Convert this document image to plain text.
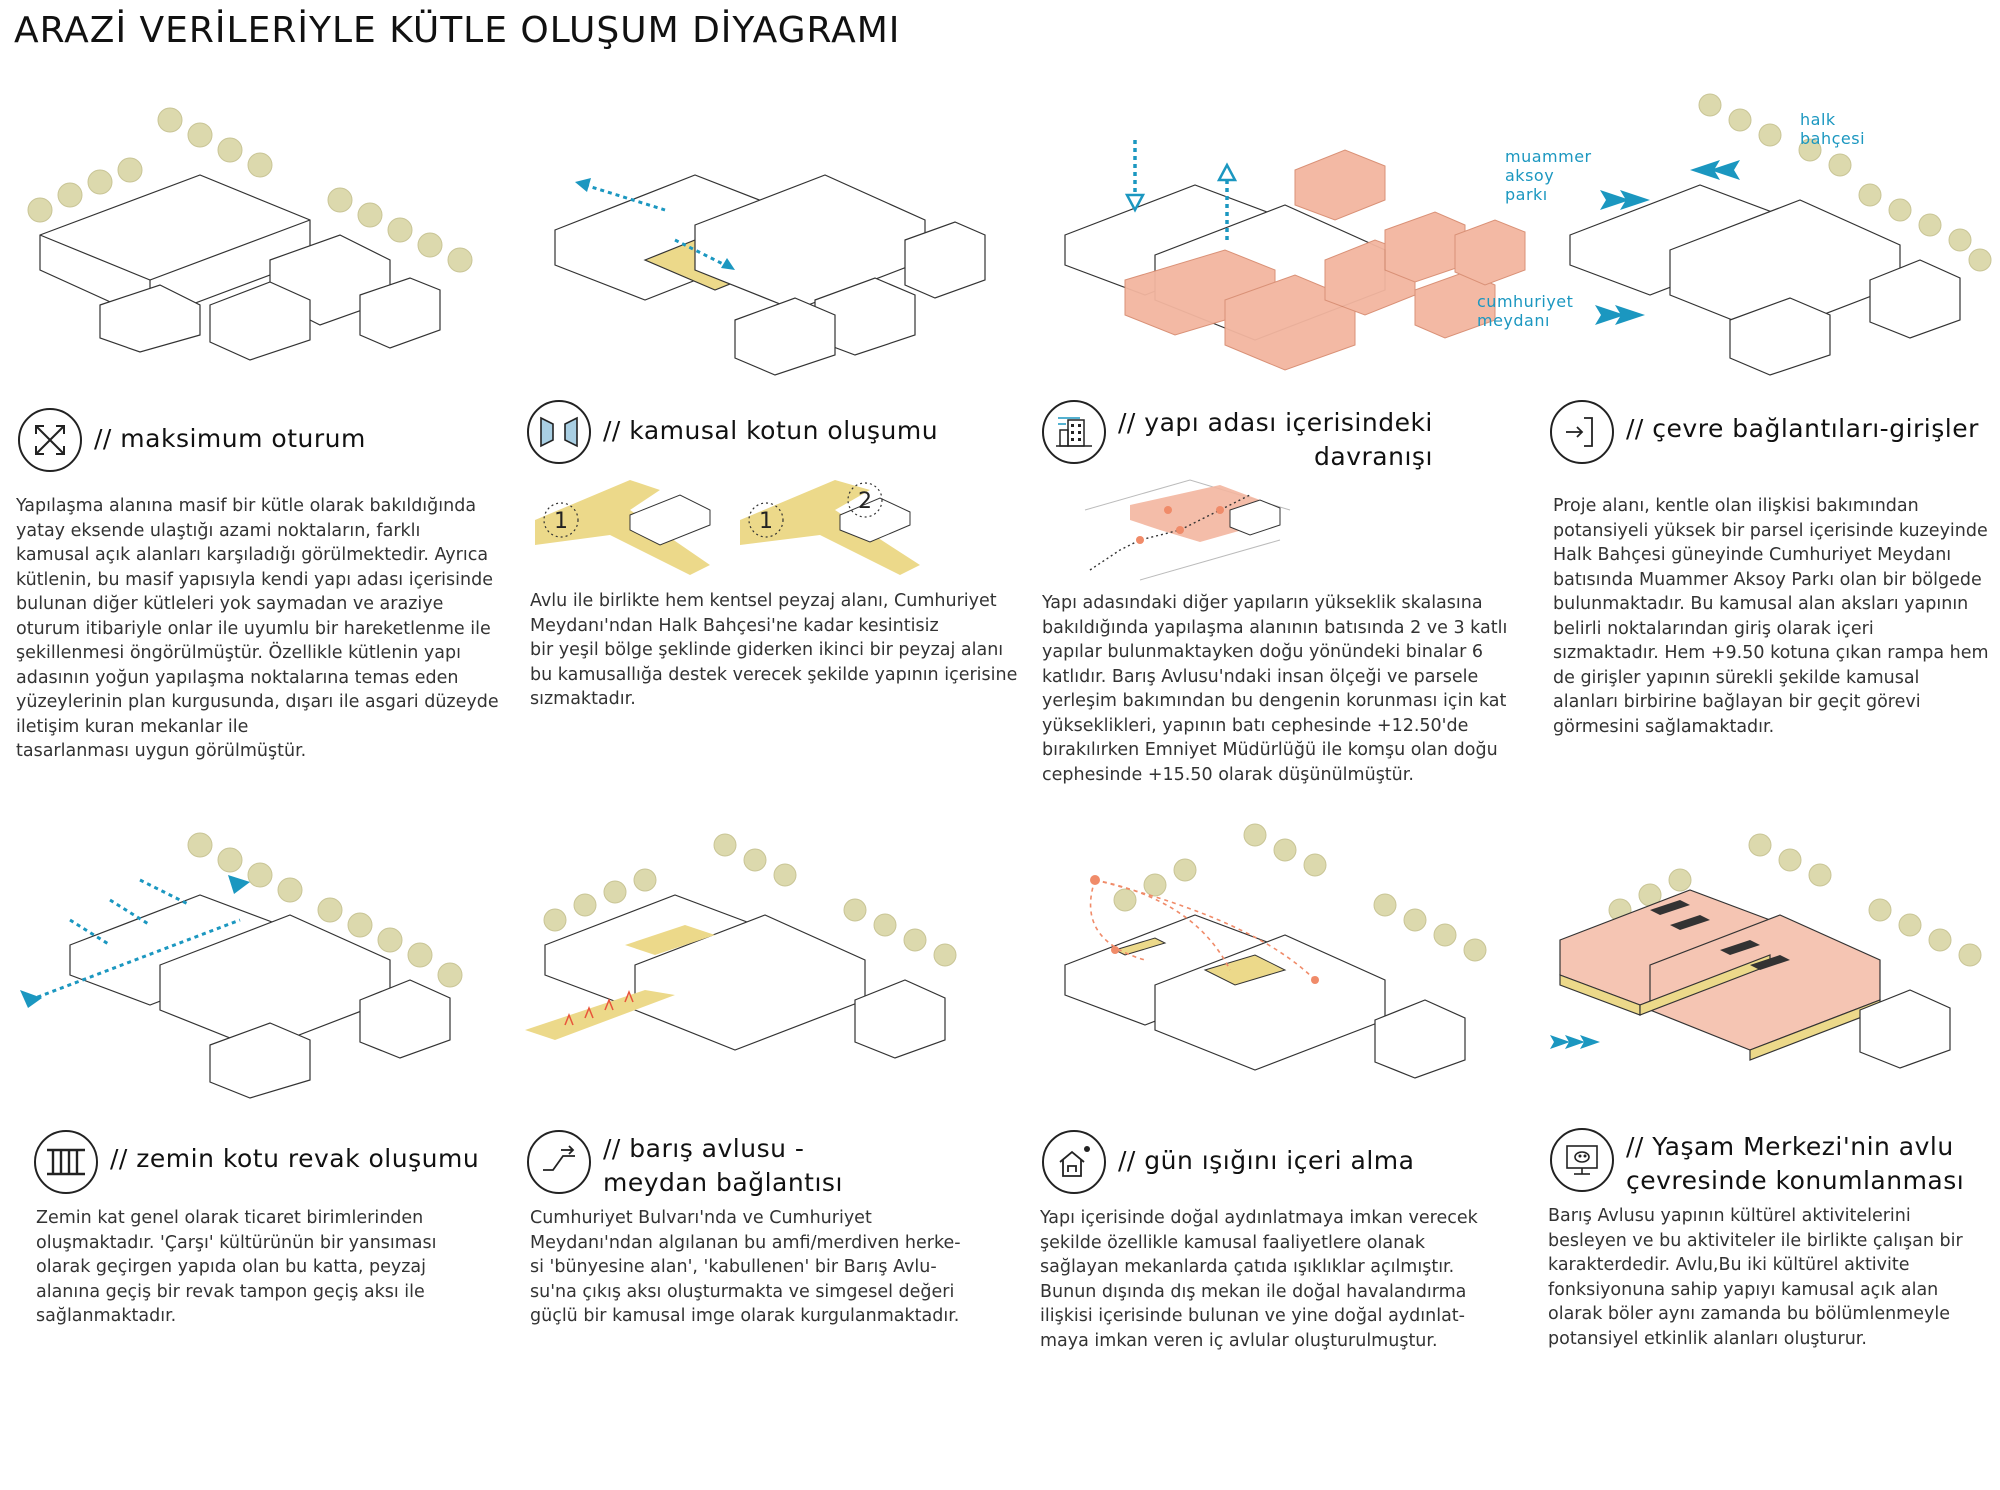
ARAZİ VERİLERİYLE KÜTLE OLUŞUM DİYAGRAMI
// maksimum oturum
Yapılaşma alanına masif bir kütle olarak bakıldığında
yatay eksende ulaştığı azami noktaların, farklı
kamusal açık alanları karşıladığı görülmektedir. Ayrıca
kütlenin, bu masif yapısıyla kendi yapı adası içerisinde
bulunan diğer kütleleri yok saymadan ve araziye
oturum itibariyle onlar ile uyumlu bir hareketlenme ile
şekillenmesi öngörülmüştür. Özellikle kütlenin yapı
adasının yoğun yapılaşma noktalarına temas eden
yüzeylerinin plan kurgusunda, dışarı ile asgari düzeyde
iletişim kuran mekanlar ile
tasarlanması uygun görülmüştür.
// kamusal kotun oluşumu
1	1
2
Avlu ile birlikte hem kentsel peyzaj alanı, Cumhuriyet
Meydanı'ndan Halk Bahçesi'ne kadar kesintisiz
bir yeşil bölge şeklinde giderken ikinci bir peyzaj alanı
bu kamusallığa destek verecek şekilde yapının içerisine
sızmaktadır.
// yapı adası içerisindeki
davranışı
Yapı adasındaki diğer yapıların yükseklik skalasına
bakıldığında yapılaşma alanının batısında 2 ve 3 katlı
yapılar bulunmaktayken doğu yönündeki binalar 6
katlıdır. Barış Avlusu'ndaki insan ölçeği ve parsele
yerleşim bakımından bu dengenin korunması için kat
yükseklikleri, yapının batı cephesinde +12.50'de
bırakılırken Emniyet Müdürlüğü ile komşu olan doğu
cephesinde +15.50 olarak düşünülmüştür.
muammer
aksoy
parkı
halk
bahçesi
cumhuriyet
meydanı
// çevre bağlantıları-girişler
Proje alanı, kentle olan ilişkisi bakımından
potansiyeli yüksek bir parsel içerisinde kuzeyinde
Halk Bahçesi güneyinde Cumhuriyet Meydanı
batısında Muammer Aksoy Parkı olan bir bölgede
bulunmaktadır. Bu kamusal alan aksları yapının
belirli noktalarından giriş olarak içeri
sızmaktadır. Hem +9.50 kotuna çıkan rampa hem
de girişler yapının sürekli şekilde kamusal
alanları birbirine bağlayan bir geçit görevi
görmesini sağlamaktadır.
// zemin kotu revak oluşumu
Zemin kat genel olarak ticaret birimlerinden
oluşmaktadır. 'Çarşı' kültürünün bir yansıması
olarak geçirgen yapıda olan bu katta, peyzaj
alanına geçiş bir revak tampon geçiş aksı ile
sağlanmaktadır.
// barış avlusu -
meydan bağlantısı
Cumhuriyet Bulvarı'nda ve Cumhuriyet
Meydanı'ndan algılanan bu amfi/merdiven herke-
si 'bünyesine alan', 'kabullenen' bir Barış Avlu-
su'na çıkış aksı oluşturmakta ve simgesel değeri
güçlü bir kamusal imge olarak kurgulanmaktadır.
// gün ışığını içeri alma
Yapı içerisinde doğal aydınlatmaya imkan verecek
şekilde özellikle kamusal faaliyetlere olanak
sağlayan mekanlarda çatıda ışıklıklar açılmıştır.
Bunun dışında dış mekan ile doğal havalandırma
ilişkisi içerisinde bulunan ve yine doğal aydınlat-
maya imkan veren iç avlular oluşturulmuştur.
// Yaşam Merkezi'nin avlu
çevresinde konumlanması
Barış Avlusu yapının kültürel aktivitelerini
besleyen ve bu aktiviteler ile birlikte çalışan bir
karakterdedir. Avlu,Bu iki kültürel aktivite
fonksiyonuna sahip yapıyı kamusal açık alan
olarak böler aynı zamanda bu bölümlenmeyle
potansiyel etkinlik alanları oluşturur.
